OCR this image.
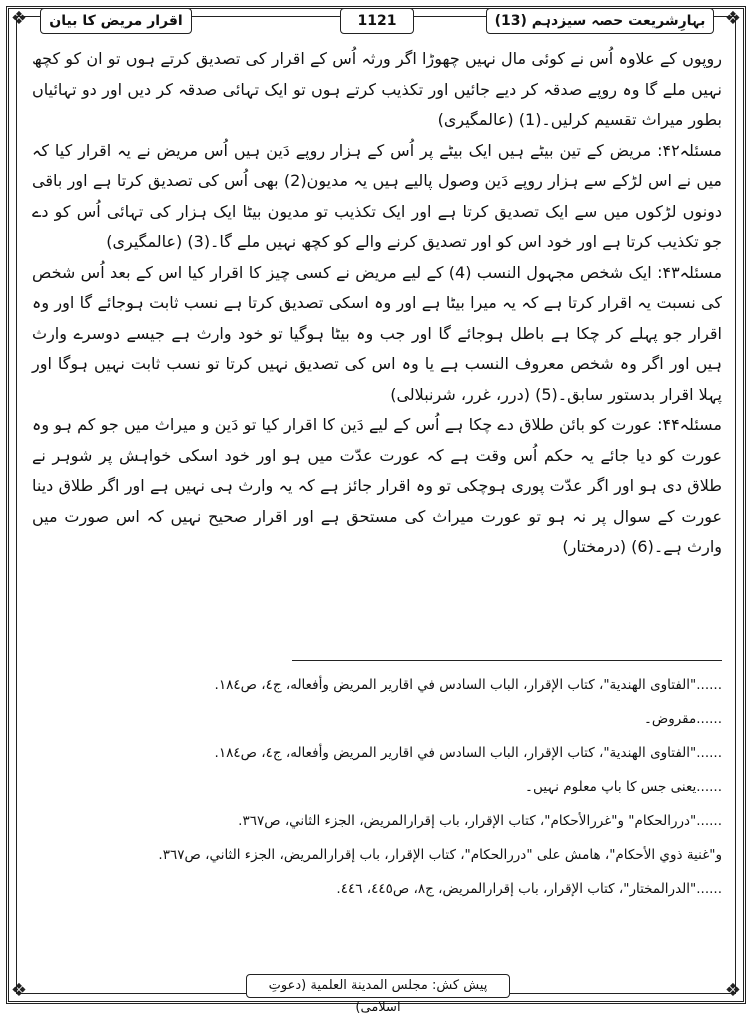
❖	❖
❖	❖
اقرار مریض کا بیان	1121	بہارِشریعت حصہ سیزدہم (13)

روپوں کے علاوہ اُس نے کوئی مال نہیں چھوڑا اگر ورثہ اُس کے اقرار کی تصدیق کرتے ہوں تو ان کو کچھ نہیں ملے گا وہ روپے صدقہ کر دیے جائیں اور تکذیب کرتے ہوں تو ایک تہائی صدقہ کر دیں اور دو تہائیاں بطور میراث تقسیم کرلیں۔(1) (عالمگیری)

مسئلہ۴۲: مریض کے تین بیٹے ہیں ایک بیٹے پر اُس کے ہزار روپے دَین ہیں اُس مریض نے یہ اقرار کیا کہ میں نے اس لڑکے سے ہزار روپے دَین وصول پالیے ہیں یہ مدیون(2) بھی اُس کی تصدیق کرتا ہے اور باقی دونوں لڑکوں میں سے ایک تصدیق کرتا ہے اور ایک تکذیب تو مدیون بیٹا ایک ہزار کی تہائی اُس کو دے جو تکذیب کرتا ہے اور خود اس کو اور تصدیق کرنے والے کو کچھ نہیں ملے گا۔(3) (عالمگیری)

مسئلہ۴۳: ایک شخص مجہول النسب (4) کے لیے مریض نے کسی چیز کا اقرار کیا اس کے بعد اُس شخص کی نسبت یہ اقرار کرتا ہے کہ یہ میرا بیٹا ہے اور وہ اسکی تصدیق کرتا ہے نسب ثابت ہوجائے گا اور وہ اقرار جو پہلے کر چکا ہے باطل ہوجائے گا اور جب وہ بیٹا ہوگیا تو خود وارث ہے جیسے دوسرے وارث ہیں اور اگر وہ شخص معروف النسب ہے یا وہ اس کی تصدیق نہیں کرتا تو نسب ثابت نہیں ہوگا اور پہلا اقرار بدستور سابق۔(5) (درر، غرر، شرنبلالی)

مسئلہ۴۴: عورت کو بائن طلاق دے چکا ہے اُس کے لیے دَین کا اقرار کیا تو دَین و میراث میں جو کم ہو وہ عورت کو دیا جائے یہ حکم اُس وقت ہے کہ عورت عدّت میں ہو اور خود اسکی خواہش پر شوہر نے طلاق دی ہو اور اگر عدّت پوری ہوچکی تو وہ اقرار جائز ہے کہ یہ وارث ہی نہیں ہے اور اگر طلاق دینا عورت کے سوال پر نہ ہو تو عورت میراث کی مستحق ہے اور اقرار صحیح نہیں کہ اس صورت میں وارث ہے۔(6) (درمختار)

......"الفتاوى الهندية"، كتاب الإقرار، الباب السادس في اقارير المريض وأفعاله، ج٤، ص١٨٤.
......مقروض۔
......"الفتاوى الهندية"، كتاب الإقرار، الباب السادس في اقارير المريض وأفعاله، ج٤، ص١٨٤.
......یعنی جس کا باپ معلوم نہیں۔
......"دررالحكام" و"غررالأحكام"، كتاب الإقرار، باب إقرارالمريض، الجزء الثاني، ص٣٦٧.
و"غنية ذوي الأحكام"، هامش على "دررالحكام"، كتاب الإقرار، باب إقرارالمريض، الجزء الثاني، ص٣٦٧.
......"الدرالمختار"، كتاب الإقرار، باب إقرارالمريض، ج٨، ص٤٤٥، ٤٤٦.
پیش کش: مجلس المدينة العلمية (دعوتِ اسلامی)
